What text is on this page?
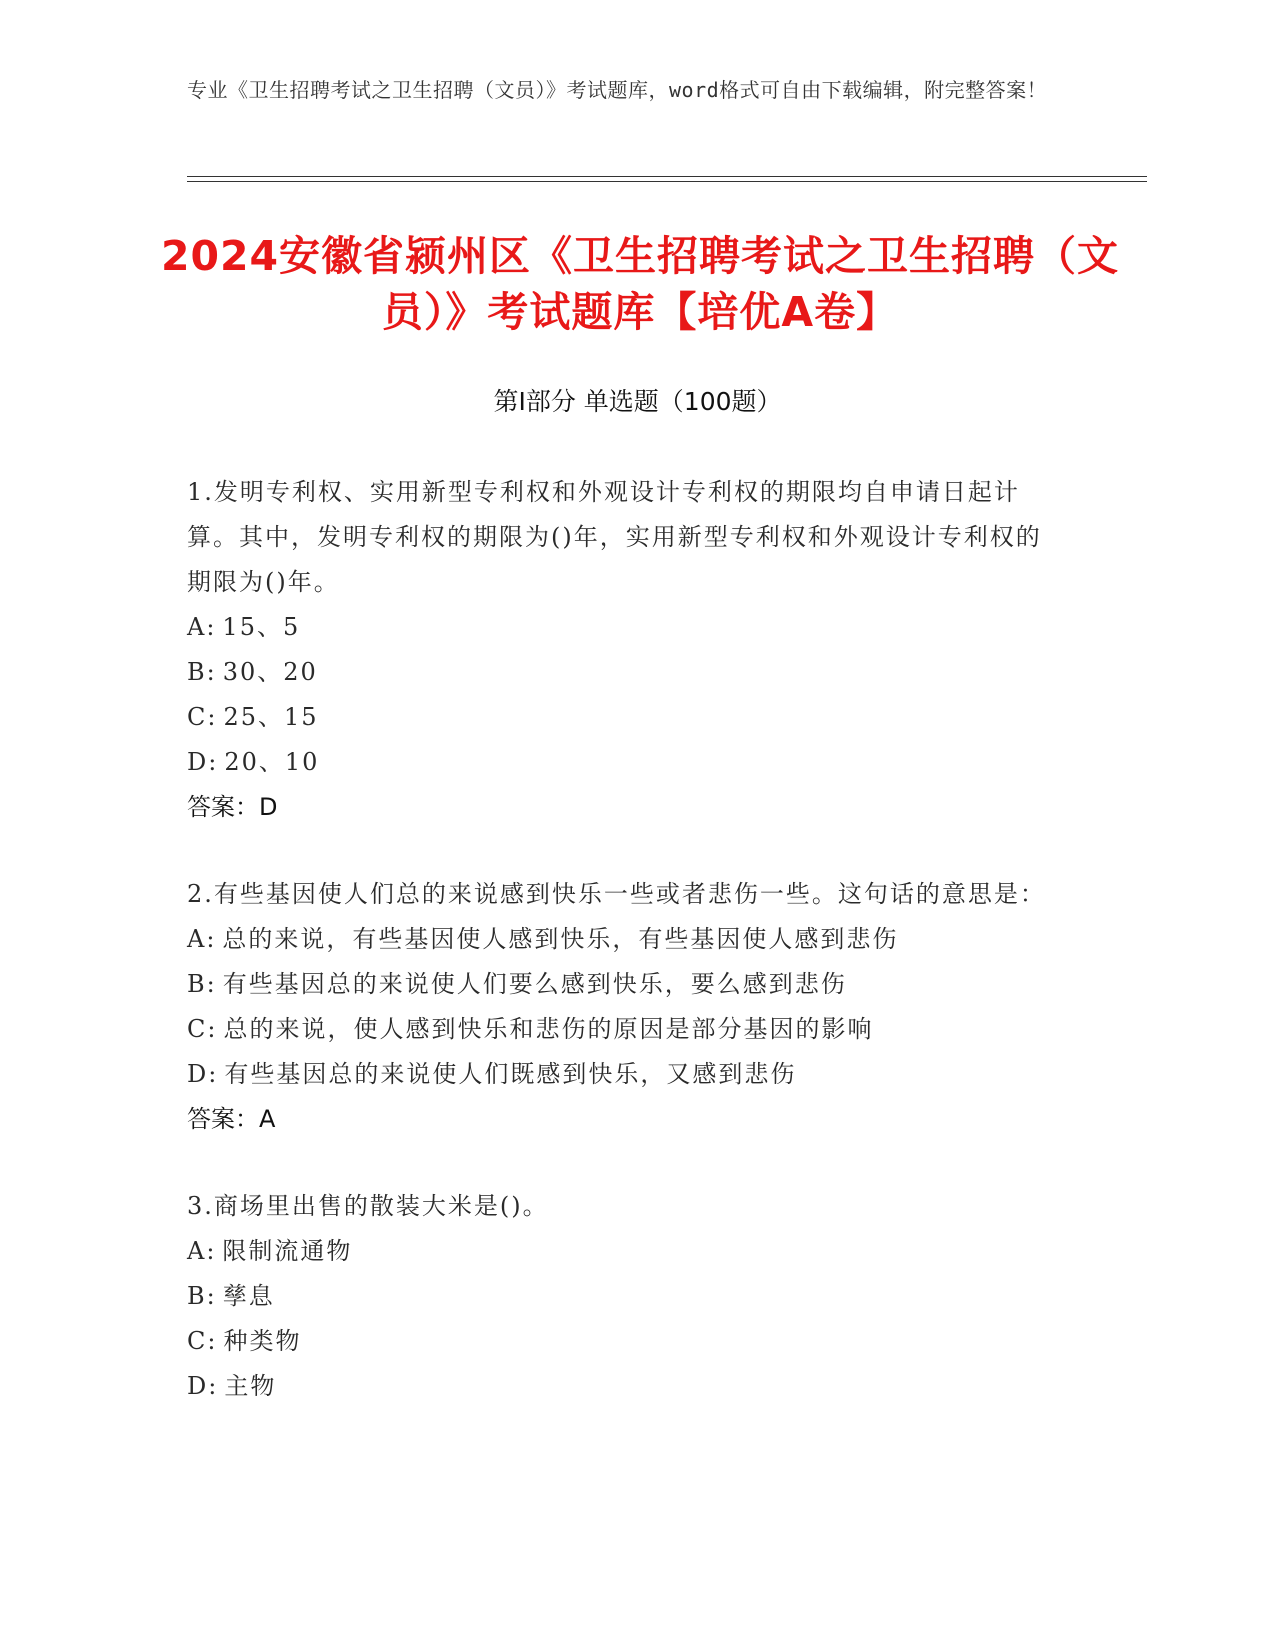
专业《卫生招聘考试之卫生招聘（文员）》考试题库，word格式可自由下载编辑，附完整答案！
2024安徽省颍州区《卫生招聘考试之卫生招聘（文员）》考试题库【培优A卷】
第Ⅰ部分 单选题（100题）
1.发明专利权、实用新型专利权和外观设计专利权的期限均自申请日起计算。其中，发明专利权的期限为()年，实用新型专利权和外观设计专利权的期限为()年。
A: 15、5
B: 30、20
C: 25、15
D: 20、10
答案：D
2.有些基因使人们总的来说感到快乐一些或者悲伤一些。这句话的意思是：
A: 总的来说，有些基因使人感到快乐，有些基因使人感到悲伤
B: 有些基因总的来说使人们要么感到快乐，要么感到悲伤
C: 总的来说，使人感到快乐和悲伤的原因是部分基因的影响
D: 有些基因总的来说使人们既感到快乐，又感到悲伤
答案：A
3.商场里出售的散装大米是()。
A: 限制流通物
B: 孳息
C: 种类物
D: 主物
